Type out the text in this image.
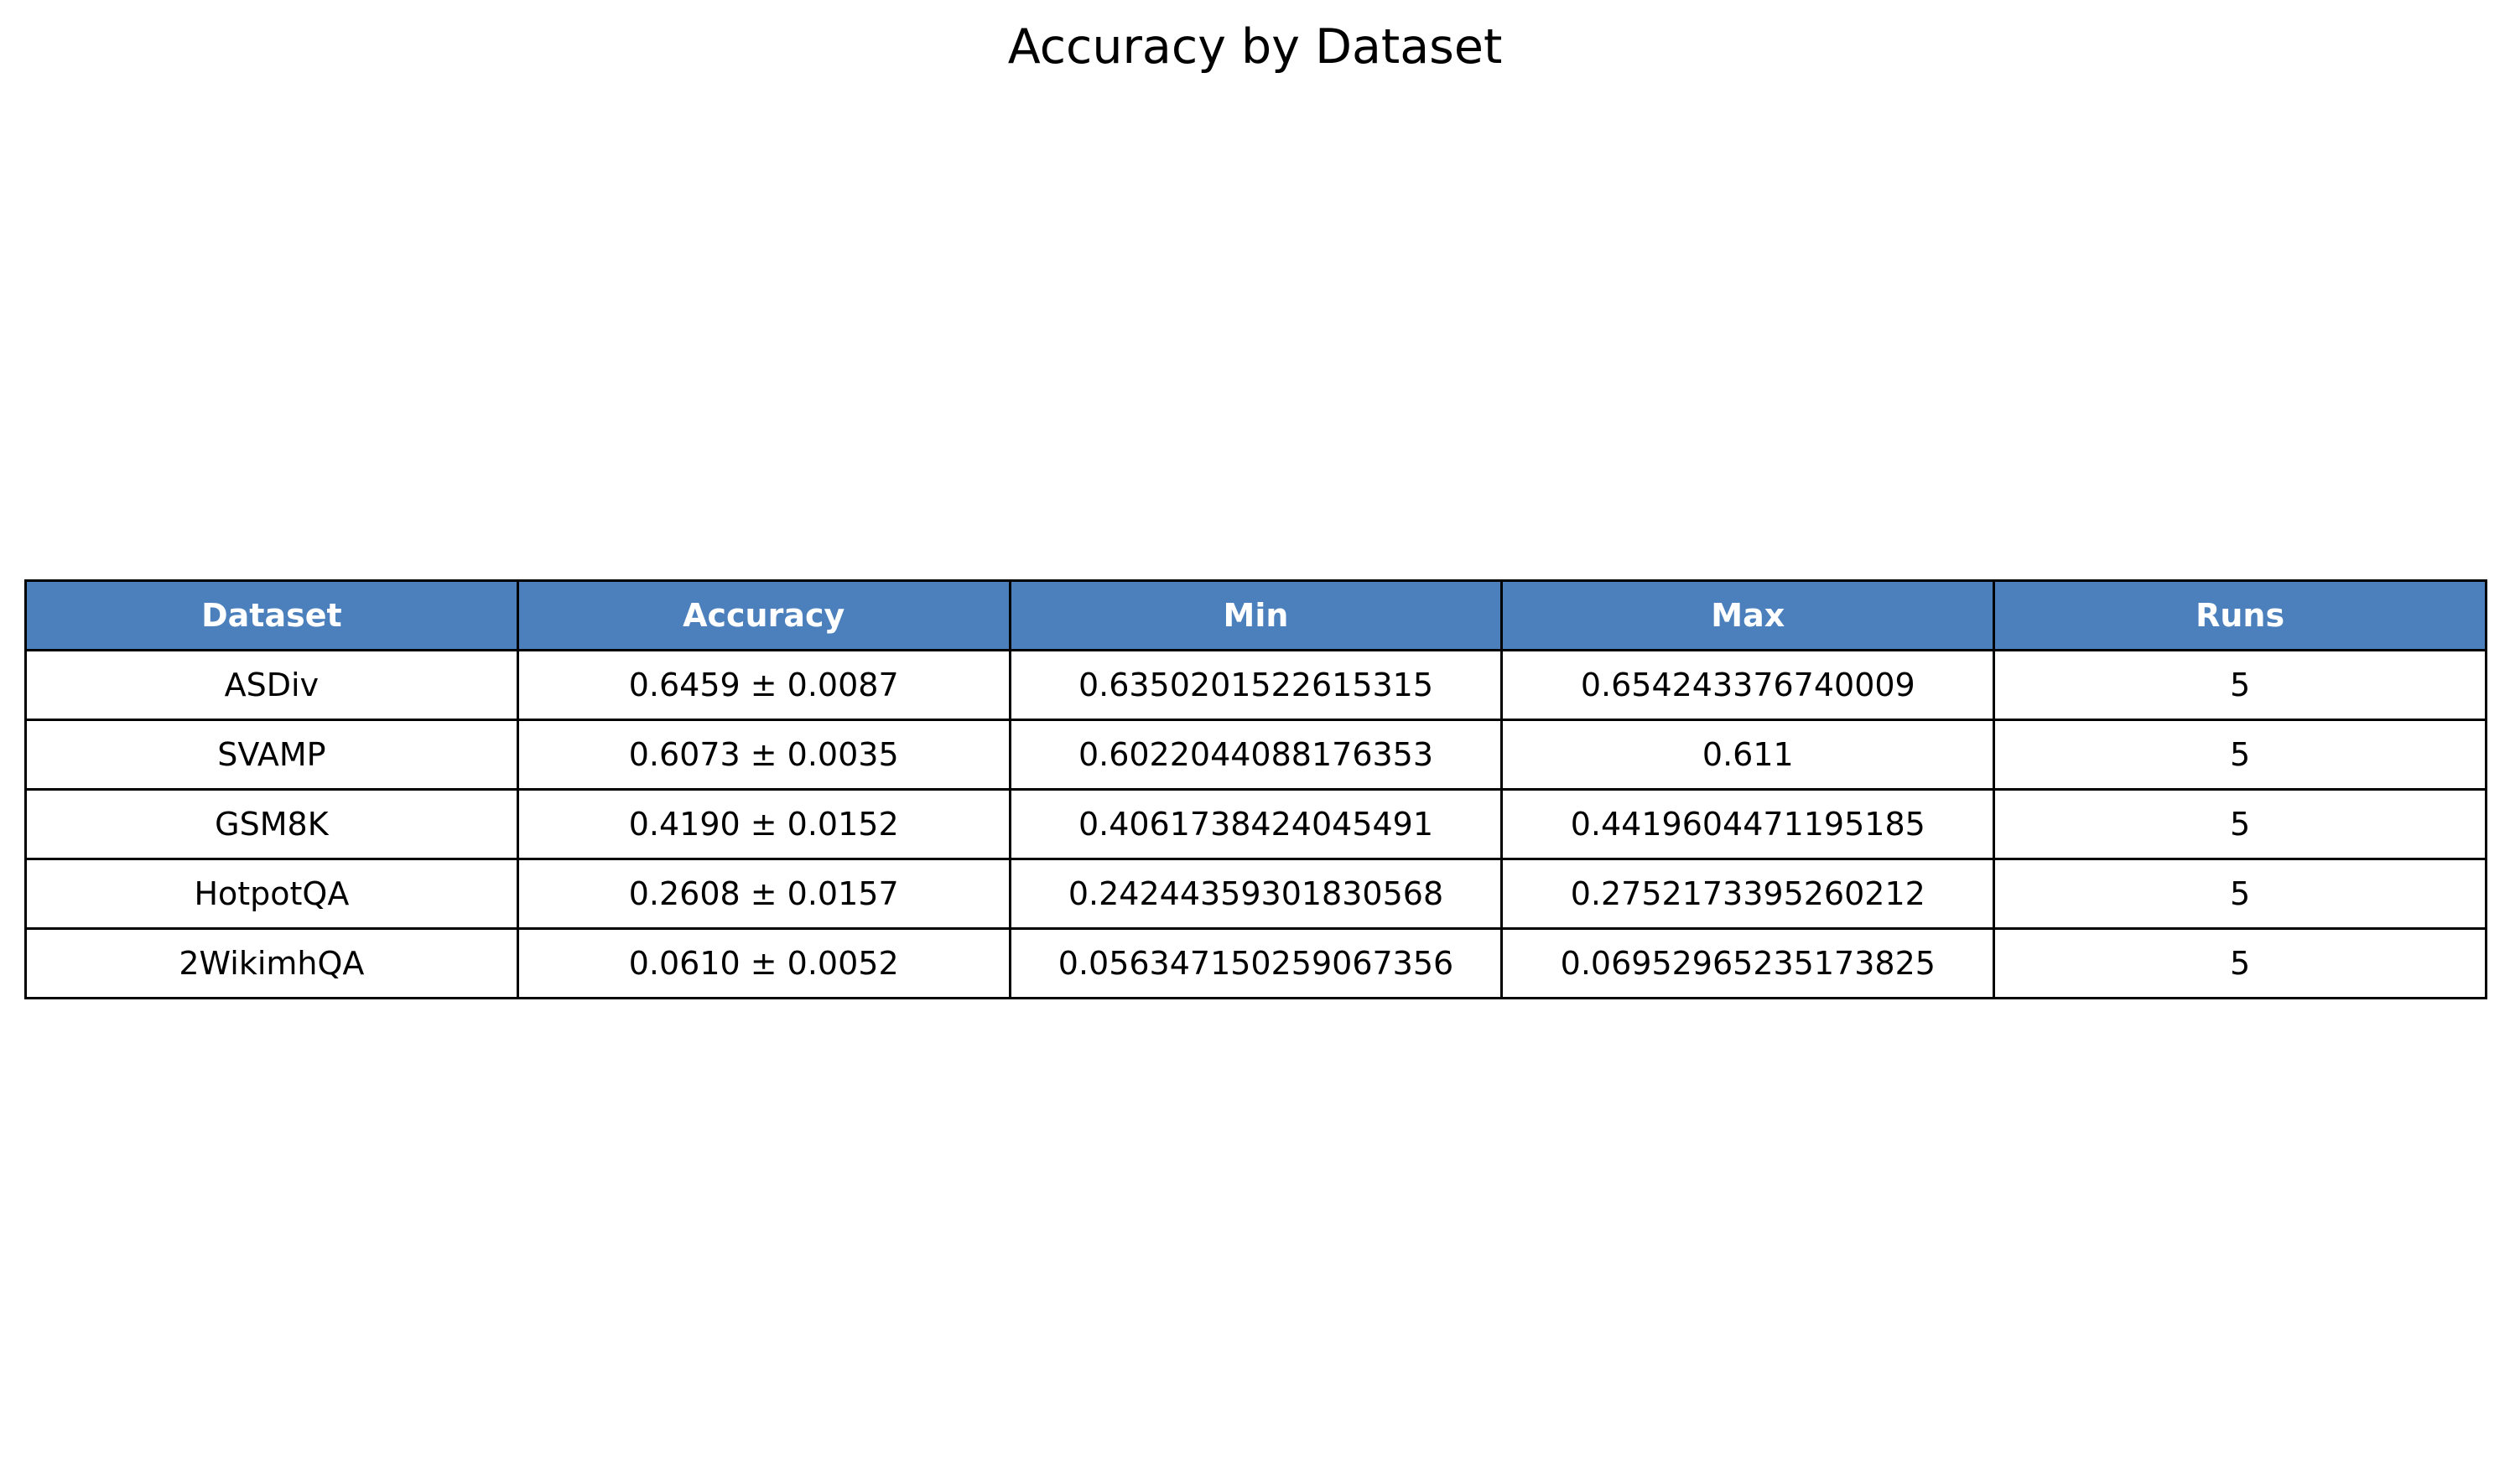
Accuracy by Dataset
Dataset	Accuracy	Min	Max	Runs
ASDiv	0.6459 ± 0.0087	0.6350201522615315	0.654243376740009	5
SVAMP	0.6073 ± 0.0035	0.6022044088176353	0.611	5
GSM8K	0.4190 ± 0.0152	0.4061738424045491	0.4419604471195185	5
HotpotQA	0.2608 ± 0.0157	0.24244359301830568	0.2752173395260212	5
2WikimhQA	0.0610 ± 0.0052	0.056347150259067356	0.06952965235173825	5
